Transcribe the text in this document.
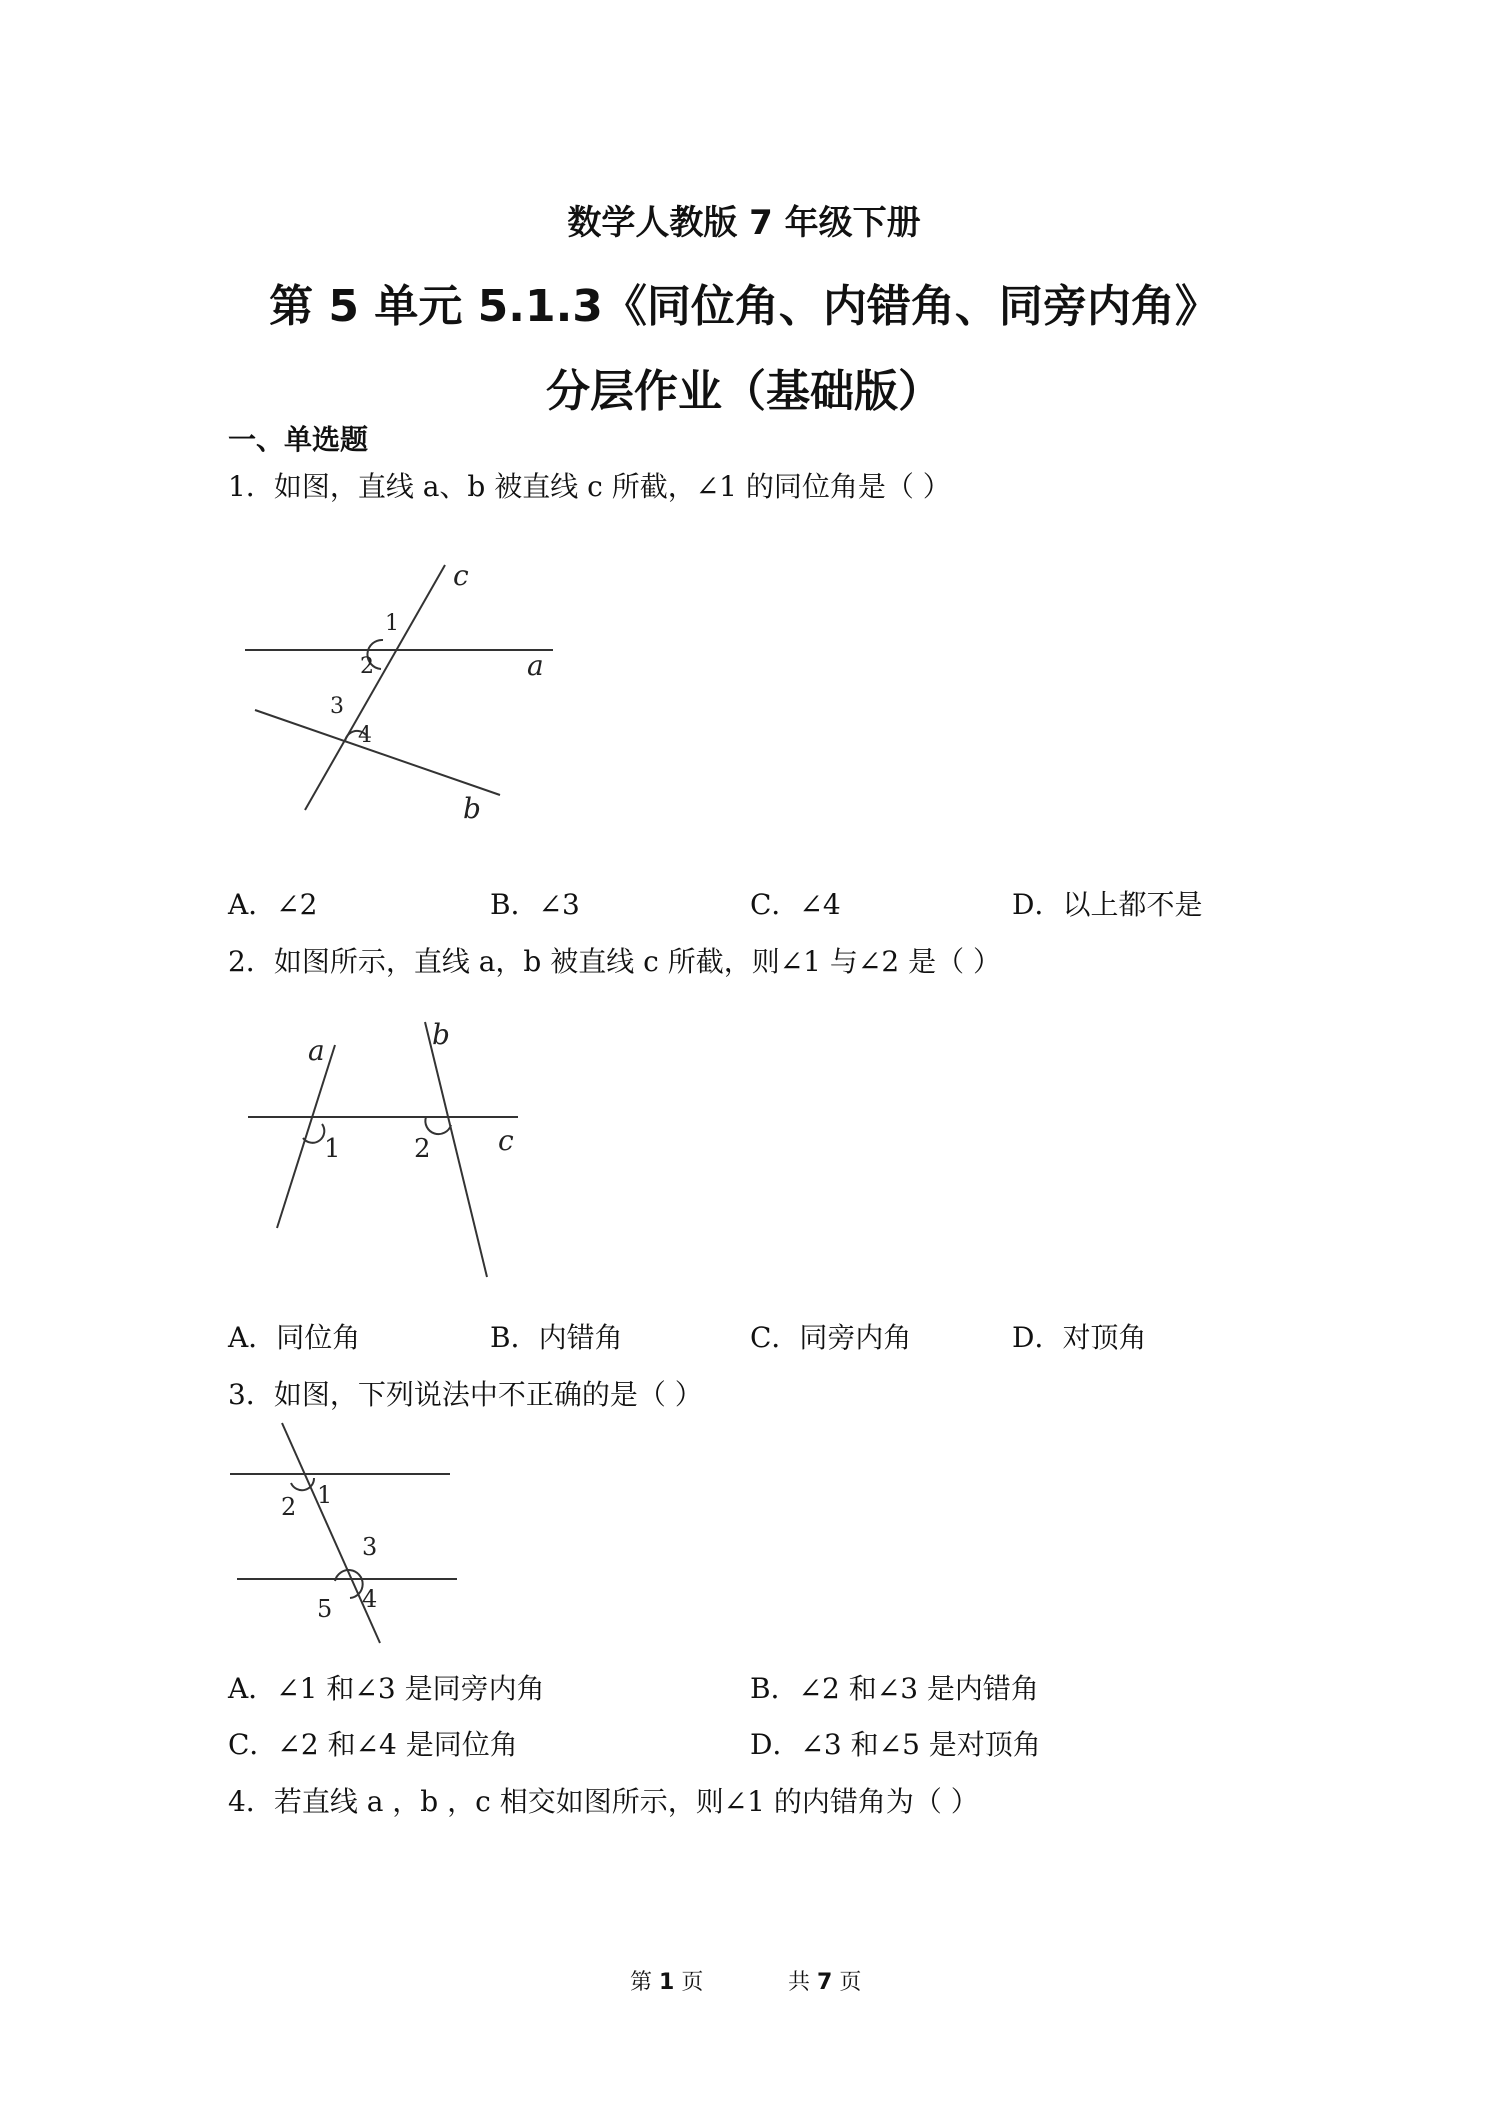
数学人教版 7 年级下册
第 5 单元 5.1.3《同位角、内错角、同旁内角》
分层作业（基础版）
一、单选题
1．如图，直线 a、b 被直线 c 所截，∠1 的同位角是（ ）
c
1
2	a
3
4
b
A．∠2	B．∠3	C．∠4	D．以上都不是
2．如图所示，直线 a，b 被直线 c 所截，则∠1 与∠2 是（ ）
a	b
1	2 c
A．同位角	B．内错角	C．同旁内角	D．对顶角
3．如图，下列说法中不正确的是（ ）
1
2
3
4
5
A．∠1 和∠3 是同旁内角	B．∠2 和∠3 是内错角
C．∠2 和∠4 是同位角	D．∠3 和∠5 是对顶角
4．若直线 a ，b ，c 相交如图所示，则∠1 的内错角为（ ）
第 1 页	共 7 页
